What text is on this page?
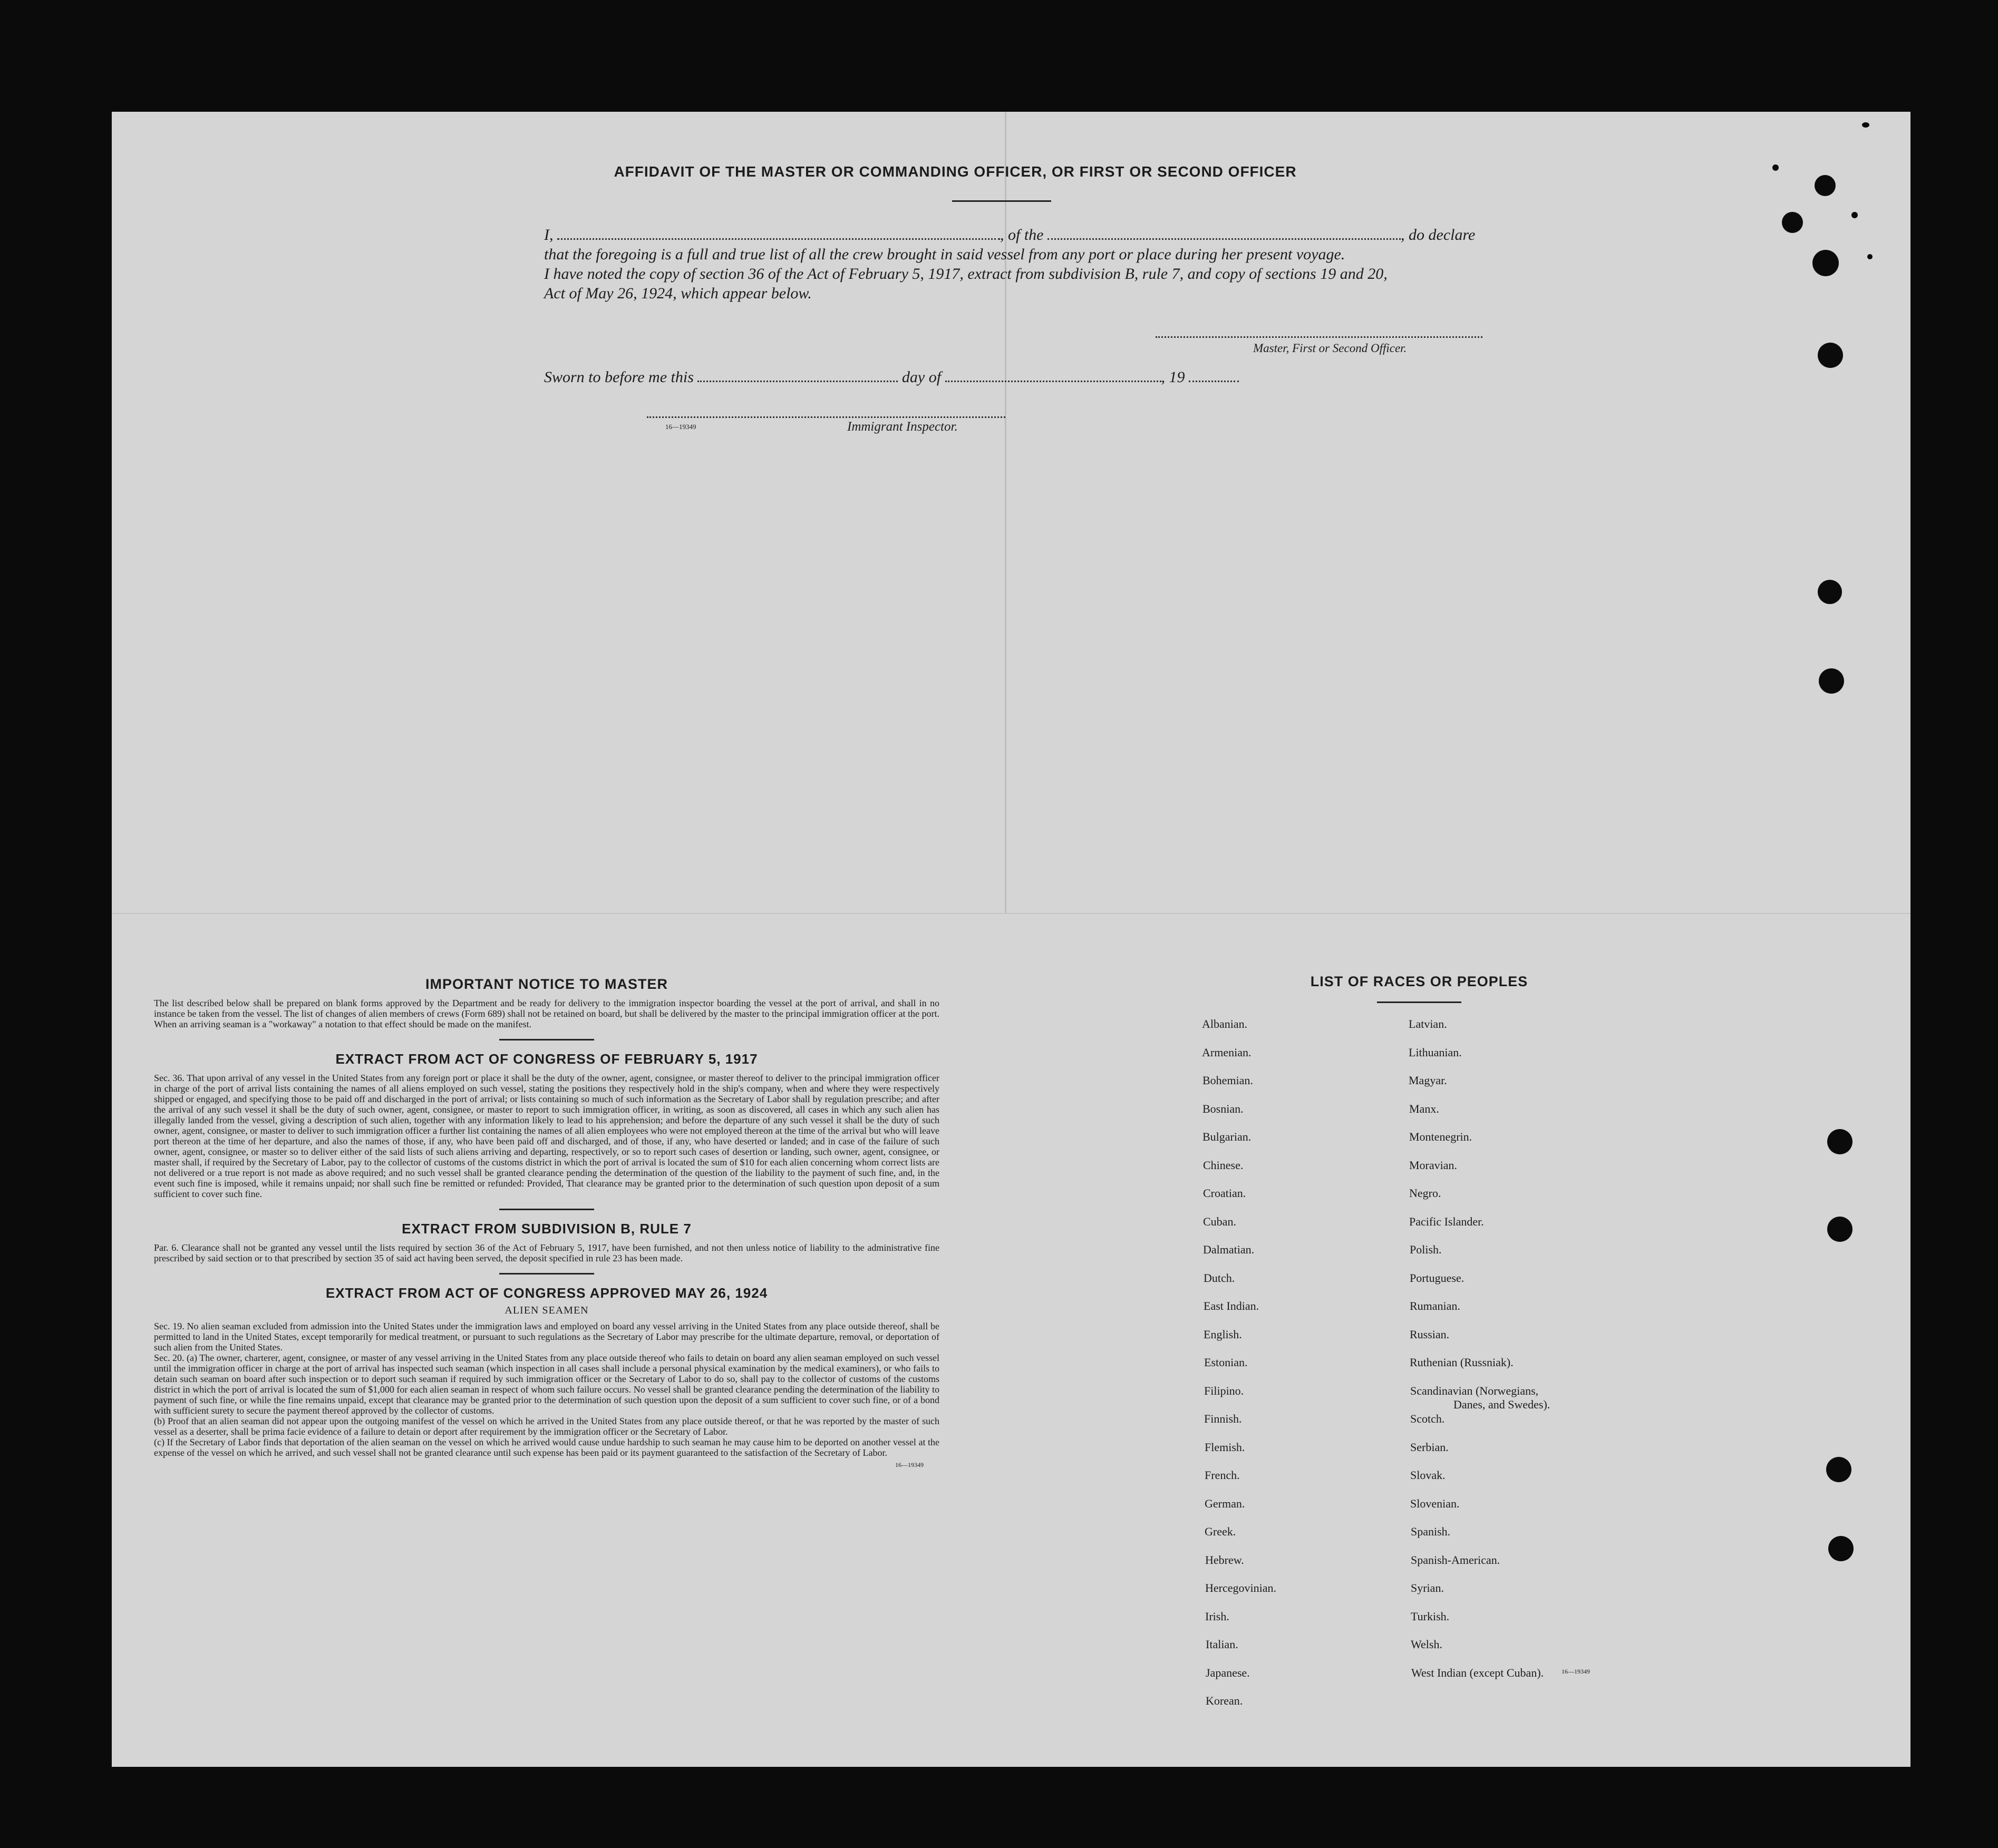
AFFIDAVIT OF THE MASTER OR COMMANDING OFFICER, OR FIRST OR SECOND OFFICER
I,	, of the	, do declare
that the foregoing is a full and true list of all the crew brought in said vessel from any port or place during her present voyage.
I have noted the copy of section 36 of the Act of February 5, 1917, extract from subdivision B, rule 7, and copy of sections 19 and 20,
Act of May 26, 1924, which appear below.
Master, First or Second Officer.
Sworn to before me this	day of	, 19
16—19349	Immigrant Inspector.
IMPORTANT NOTICE TO MASTER
The list described below shall be prepared on blank forms approved by the Department and be ready for delivery to the immigration inspector boarding the vessel at the port of arrival, and shall in no instance be taken from the vessel. The list of changes of alien members of crews (Form 689) shall not be retained on board, but shall be delivered by the master to the principal immigration officer at the port. When an arriving seaman is a "workaway" a notation to that effect should be made on the manifest.
EXTRACT FROM ACT OF CONGRESS OF FEBRUARY 5, 1917
Sec. 36. That upon arrival of any vessel in the United States from any foreign port or place it shall be the duty of the owner, agent, consignee, or master thereof to deliver to the principal immigration officer in charge of the port of arrival lists containing the names of all aliens employed on such vessel, stating the positions they respectively hold in the ship's company, when and where they were respectively shipped or engaged, and specifying those to be paid off and discharged in the port of arrival; or lists containing so much of such information as the Secretary of Labor shall by regulation prescribe; and after the arrival of any such vessel it shall be the duty of such owner, agent, consignee, or master to report to such immigration officer, in writing, as soon as discovered, all cases in which any such alien has illegally landed from the vessel, giving a description of such alien, together with any information likely to lead to his apprehension; and before the departure of any such vessel it shall be the duty of such owner, agent, consignee, or master to deliver to such immigration officer a further list containing the names of all alien employees who were not employed thereon at the time of the arrival but who will leave port thereon at the time of her departure, and also the names of those, if any, who have been paid off and discharged, and of those, if any, who have deserted or landed; and in case of the failure of such owner, agent, consignee, or master so to deliver either of the said lists of such aliens arriving and departing, respectively, or so to report such cases of desertion or landing, such owner, agent, consignee, or master shall, if required by the Secretary of Labor, pay to the collector of customs of the customs district in which the port of arrival is located the sum of $10 for each alien concerning whom correct lists are not delivered or a true report is not made as above required; and no such vessel shall be granted clearance pending the determination of the question of the liability to the payment of such fine, and, in the event such fine is imposed, while it remains unpaid; nor shall such fine be remitted or refunded: Provided, That clearance may be granted prior to the determination of such question upon deposit of a sum sufficient to cover such fine.
EXTRACT FROM SUBDIVISION B, RULE 7
Par. 6. Clearance shall not be granted any vessel until the lists required by section 36 of the Act of February 5, 1917, have been furnished, and not then unless notice of liability to the administrative fine prescribed by said section or to that prescribed by section 35 of said act having been served, the deposit specified in rule 23 has been made.
EXTRACT FROM ACT OF CONGRESS APPROVED MAY 26, 1924
ALIEN SEAMEN
Sec. 19. No alien seaman excluded from admission into the United States under the immigration laws and employed on board any vessel arriving in the United States from any place outside thereof, shall be permitted to land in the United States, except temporarily for medical treatment, or pursuant to such regulations as the Secretary of Labor may prescribe for the ultimate departure, removal, or deportation of such alien from the United States.
Sec. 20. (a) The owner, charterer, agent, consignee, or master of any vessel arriving in the United States from any place outside thereof who fails to detain on board any alien seaman employed on such vessel until the immigration officer in charge at the port of arrival has inspected such seaman (which inspection in all cases shall include a personal physical examination by the medical examiners), or who fails to detain such seaman on board after such inspection or to deport such seaman if required by such immigration officer or the Secretary of Labor to do so, shall pay to the collector of customs of the customs district in which the port of arrival is located the sum of $1,000 for each alien seaman in respect of whom such failure occurs. No vessel shall be granted clearance pending the determination of the liability to payment of such fine, or while the fine remains unpaid, except that clearance may be granted prior to the determination of such question upon the deposit of a sum sufficient to cover such fine, or of a bond with sufficient surety to secure the payment thereof approved by the collector of customs.
(b) Proof that an alien seaman did not appear upon the outgoing manifest of the vessel on which he arrived in the United States from any place outside thereof, or that he was reported by the master of such vessel as a deserter, shall be prima facie evidence of a failure to detain or deport after requirement by the immigration officer or the Secretary of Labor.
(c) If the Secretary of Labor finds that deportation of the alien seaman on the vessel on which he arrived would cause undue hardship to such seaman he may cause him to be deported on another vessel at the expense of the vessel on which he arrived, and such vessel shall not be granted clearance until such expense has been paid or its payment guaranteed to the satisfaction of the Secretary of Labor.
16—19349
LIST OF RACES OR PEOPLES
Albanian.
Armenian.
Bohemian.
Bosnian.
Bulgarian.
Chinese.
Croatian.
Cuban.
Dalmatian.
Dutch.
East Indian.
English.
Estonian.
Filipino.
Finnish.
Flemish.
French.
German.
Greek.
Hebrew.
Hercegovinian.
Irish.
Italian.
Japanese.
Korean.
Latvian.
Lithuanian.
Magyar.
Manx.
Montenegrin.
Moravian.
Negro.
Pacific Islander.
Polish.
Portuguese.
Rumanian.
Russian.
Ruthenian (Russniak).
Scandinavian (Norwegians,
Danes, and Swedes).
Scotch.
Serbian.
Slovak.
Slovenian.
Spanish.
Spanish-American.
Syrian.
Turkish.
Welsh.
West Indian (except Cuban).	16—19349
